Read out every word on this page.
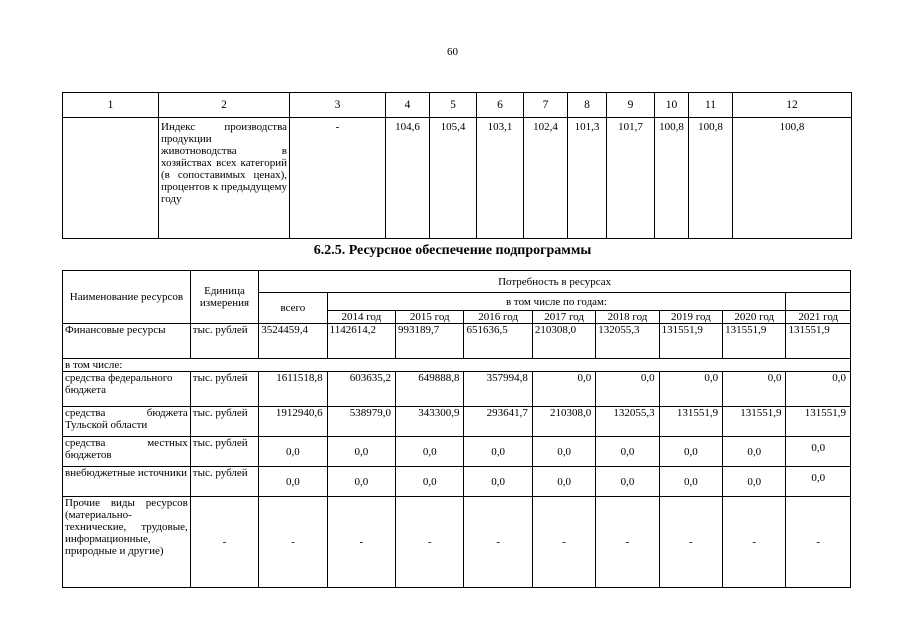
60
1	2	3	4	5	6	7	8	9	10	11	12
	Индекс производства продукции животноводства в хозяйствах всех категорий (в сопоставимых ценах), процентов к предыдущему году	-	104,6	105,4	103,1	102,4	101,3	101,7	100,8	100,8	100,8
6.2.5. Ресурсное обеспечение подпрограммы
Наименование ресурсов	Единица измерения	Потребность в ресурсах								
		всего	в том числе по годам:							
			2014 год	2015 год	2016 год	2017 год	2018 год	2019 год	2020 год	2021 год
Финансовые ресурсы	тыс. рублей	3524459,4	1142614,2	993189,7	651636,5	210308,0	132055,3	131551,9	131551,9	131551,9
в том числе:										
средства федерального бюджета	тыс. рублей	1611518,8	603635,2	649888,8	357994,8	0,0	0,0	0,0	0,0	0,0
средства бюджета Тульской области	тыс. рублей	1912940,6	538979,0	343300,9	293641,7	210308,0	132055,3	131551,9	131551,9	131551,9
средства местных бюджетов	тыс. рублей	0,0	0,0	0,0	0,0	0,0	0,0	0,0	0,0	0,0
внебюджетные источники	тыс. рублей	0,0	0,0	0,0	0,0	0,0	0,0	0,0	0,0	0,0
Прочие виды ресурсов (материально-технические, трудовые, информационные, природные и другие)	-	-	-	-	-	-	-	-	-	-
